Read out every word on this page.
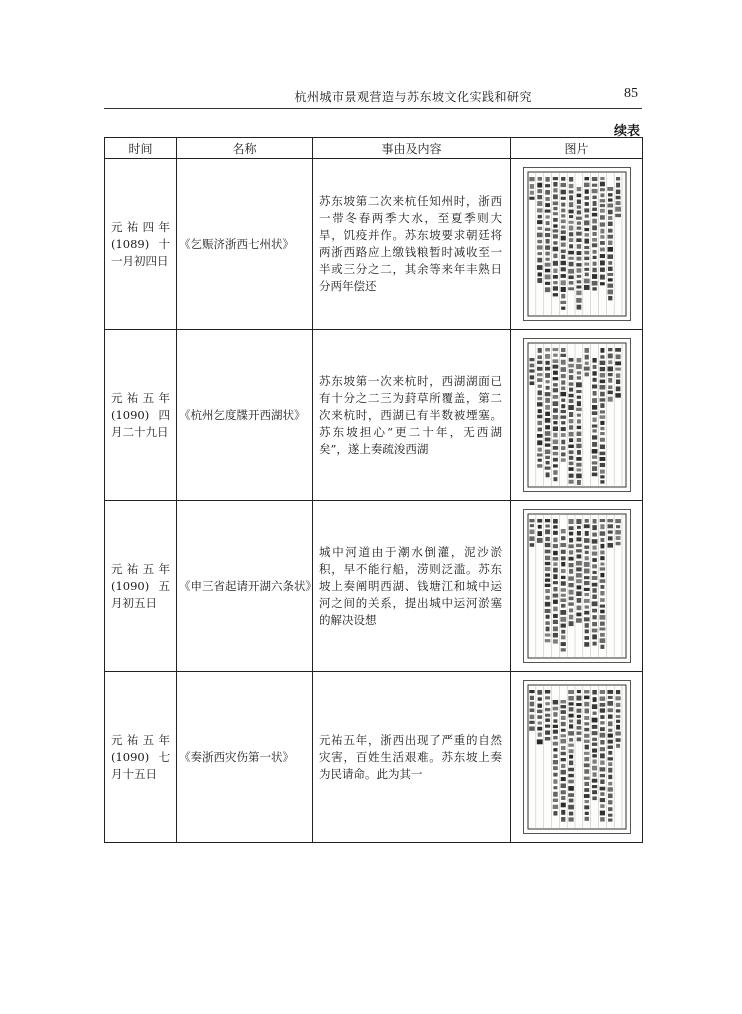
杭州城市景观营造与苏东坡文化实践和研究	85
续表
时间	名称	事由及内容	图片
元祐四年(1089)十一月初四日	《乞赈济浙西七州状》	苏东坡第二次来杭任知州时，浙西一带冬春两季大水，至夏季则大旱，饥疫并作。苏东坡要求朝廷将两浙西路应上缴钱粮暂时减收至一半或三分之二，其余等来年丰熟日分两年偿还	

元祐五年(1090)四月二十九日	《杭州乞度牒开西湖状》	苏东坡第一次来杭时，西湖湖面已有十分之二三为葑草所覆盖，第二次来杭时，西湖已有半数被堙塞。苏东坡担心“更二十年，无西湖矣”，遂上奏疏浚西湖	

元祐五年(1090)五月初五日	《申三省起请开湖六条状》	城中河道由于潮水倒灌，泥沙淤积，早不能行船，涝则泛滥。苏东坡上奏阐明西湖、钱塘江和城中运河之间的关系，提出城中运河淤塞的解决设想	

元祐五年(1090)七月十五日	《奏浙西灾伤第一状》	元祐五年，浙西出现了严重的自然灾害，百姓生活艰难。苏东坡上奏为民请命。此为其一	
